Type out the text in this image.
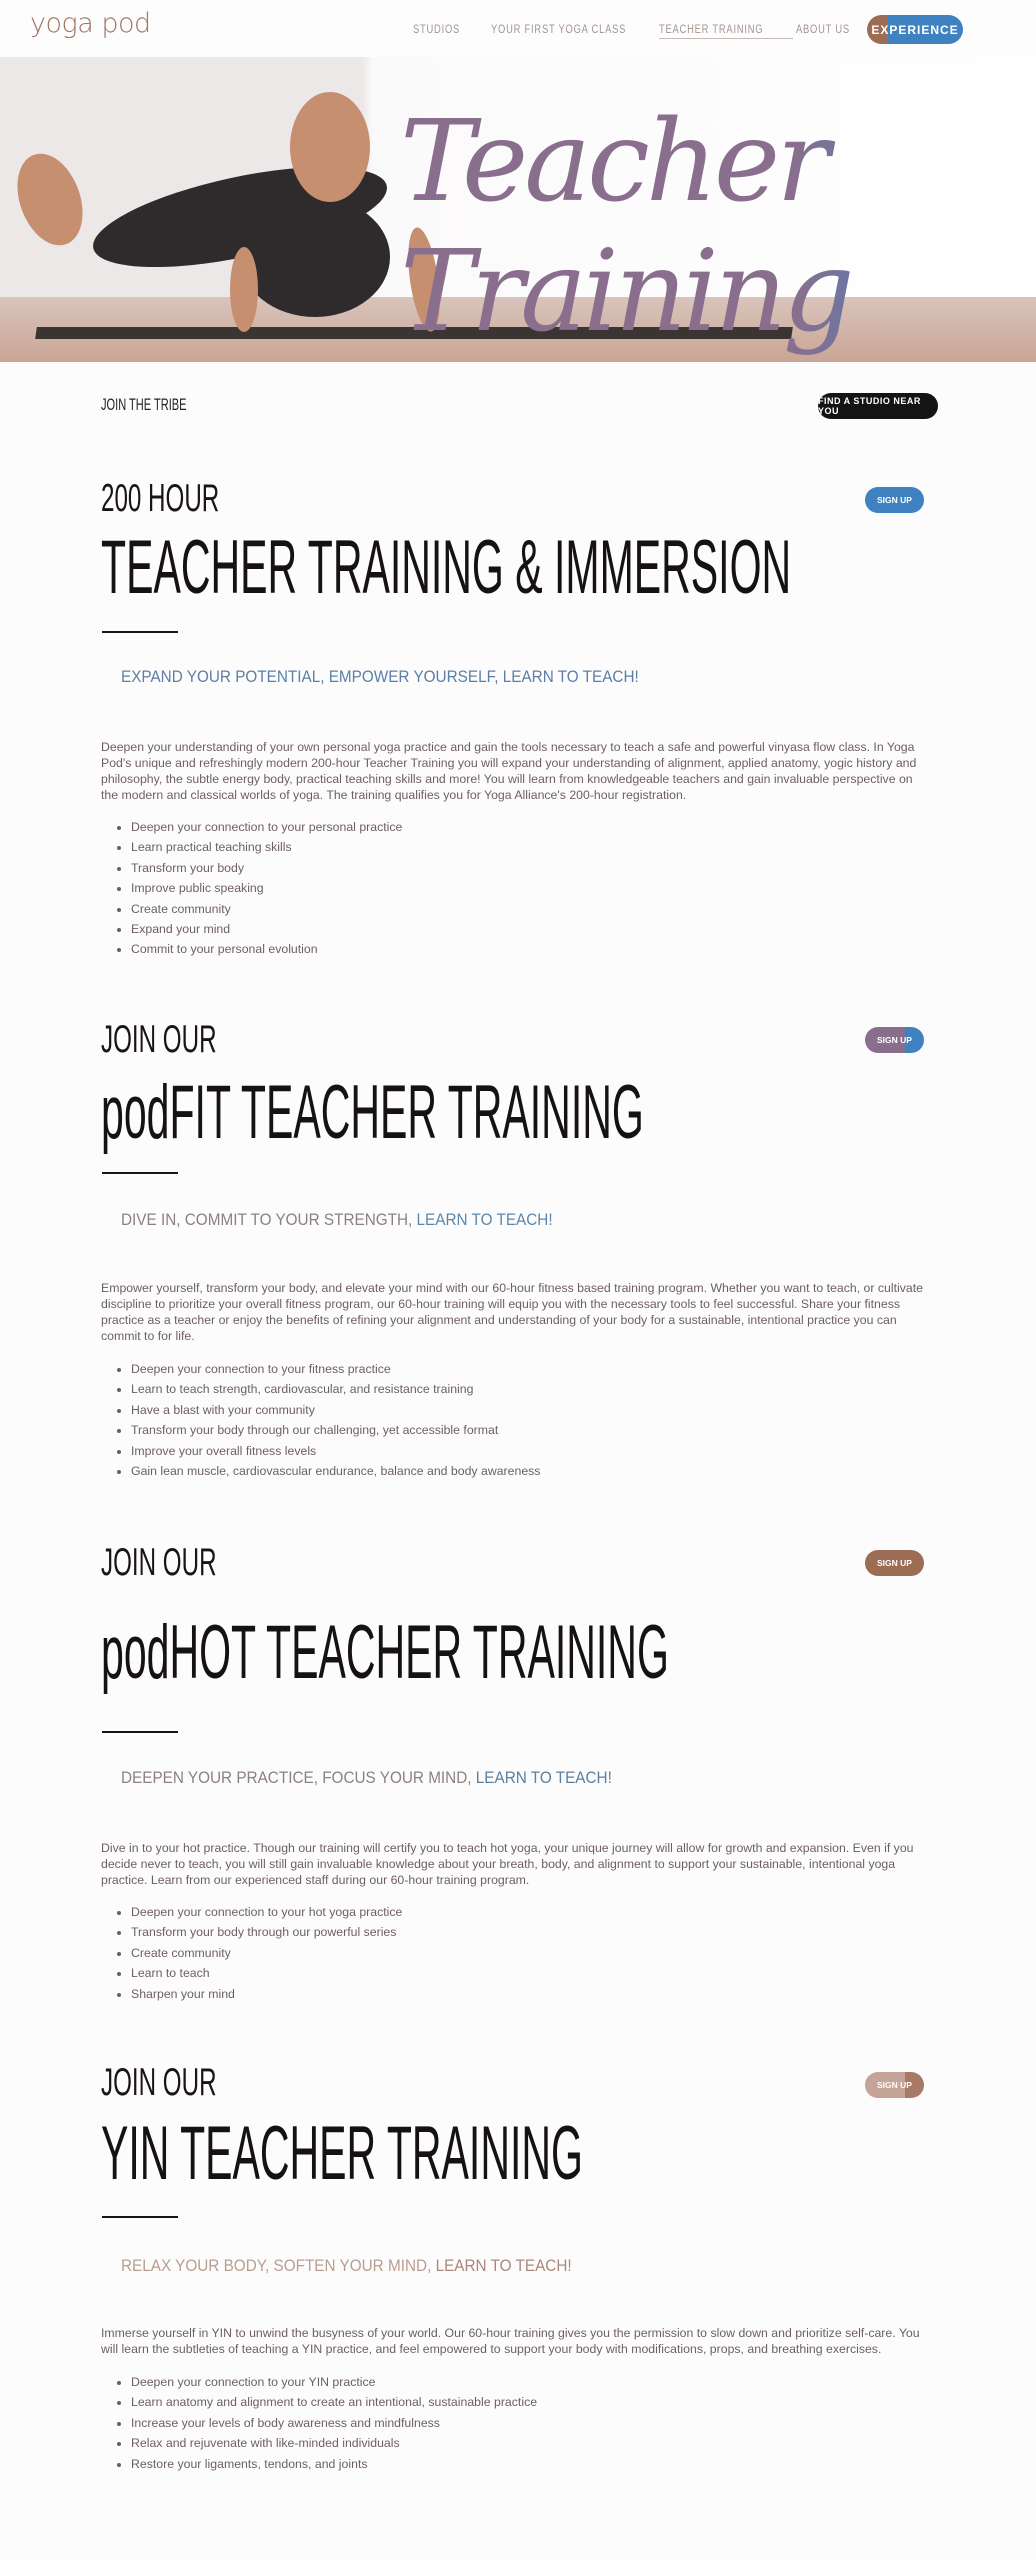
yoga pod	STUDIOS	YOUR FIRST YOGA CLASS	TEACHER TRAINING	ABOUT US	EXPERIENCE
Teacher Training
JOIN THE TRIBE	FIND A STUDIO NEAR YOU
200 HOUR	SIGN UP
TEACHER TRAINING & IMMERSION
EXPAND YOUR POTENTIAL, EMPOWER YOURSELF, LEARN TO TEACH!
Deepen your understanding of your own personal yoga practice and gain the tools necessary to teach a safe and powerful vinyasa flow class. In Yoga Pod's unique and refreshingly modern 200-hour Teacher Training you will expand your understanding of alignment, applied anatomy, yogic history and philosophy, the subtle energy body, practical teaching skills and more! You will learn from knowledgeable teachers and gain invaluable perspective on the modern and classical worlds of yoga. The training qualifies you for Yoga Alliance's 200-hour registration.
• Deepen your connection to your personal practice
• Learn practical teaching skills
• Transform your body
• Improve public speaking
• Create community
• Expand your mind
• Commit to your personal evolution
JOIN OUR	SIGN UP
podFIT TEACHER TRAINING
DIVE IN, COMMIT TO YOUR STRENGTH, LEARN TO TEACH!
Empower yourself, transform your body, and elevate your mind with our 60-hour fitness based training program. Whether you want to teach, or cultivate discipline to prioritize your overall fitness program, our 60-hour training will equip you with the necessary tools to feel successful. Share your fitness practice as a teacher or enjoy the benefits of refining your alignment and understanding of your body for a sustainable, intentional practice you can commit to for life.
• Deepen your connection to your fitness practice
• Learn to teach strength, cardiovascular, and resistance training
• Have a blast with your community
• Transform your body through our challenging, yet accessible format
• Improve your overall fitness levels
• Gain lean muscle, cardiovascular endurance, balance and body awareness
JOIN OUR	SIGN UP
podHOT TEACHER TRAINING
DEEPEN YOUR PRACTICE, FOCUS YOUR MIND, LEARN TO TEACH!
Dive in to your hot practice. Though our training will certify you to teach hot yoga, your unique journey will allow for growth and expansion. Even if you decide never to teach, you will still gain invaluable knowledge about your breath, body, and alignment to support your sustainable, intentional yoga practice. Learn from our experienced staff during our 60-hour training program.
• Deepen your connection to your hot yoga practice
• Transform your body through our powerful series
• Create community
• Learn to teach
• Sharpen your mind
JOIN OUR	SIGN UP
YIN TEACHER TRAINING
RELAX YOUR BODY, SOFTEN YOUR MIND, LEARN TO TEACH!
Immerse yourself in YIN to unwind the busyness of your world. Our 60-hour training gives you the permission to slow down and prioritize self-care. You will learn the subtleties of teaching a YIN practice, and feel empowered to support your body with modifications, props, and breathing exercises.
• Deepen your connection to your YIN practice
• Learn anatomy and alignment to create an intentional, sustainable practice
• Increase your levels of body awareness and mindfulness
• Relax and rejuvenate with like-minded individuals
• Restore your ligaments, tendons, and joints
